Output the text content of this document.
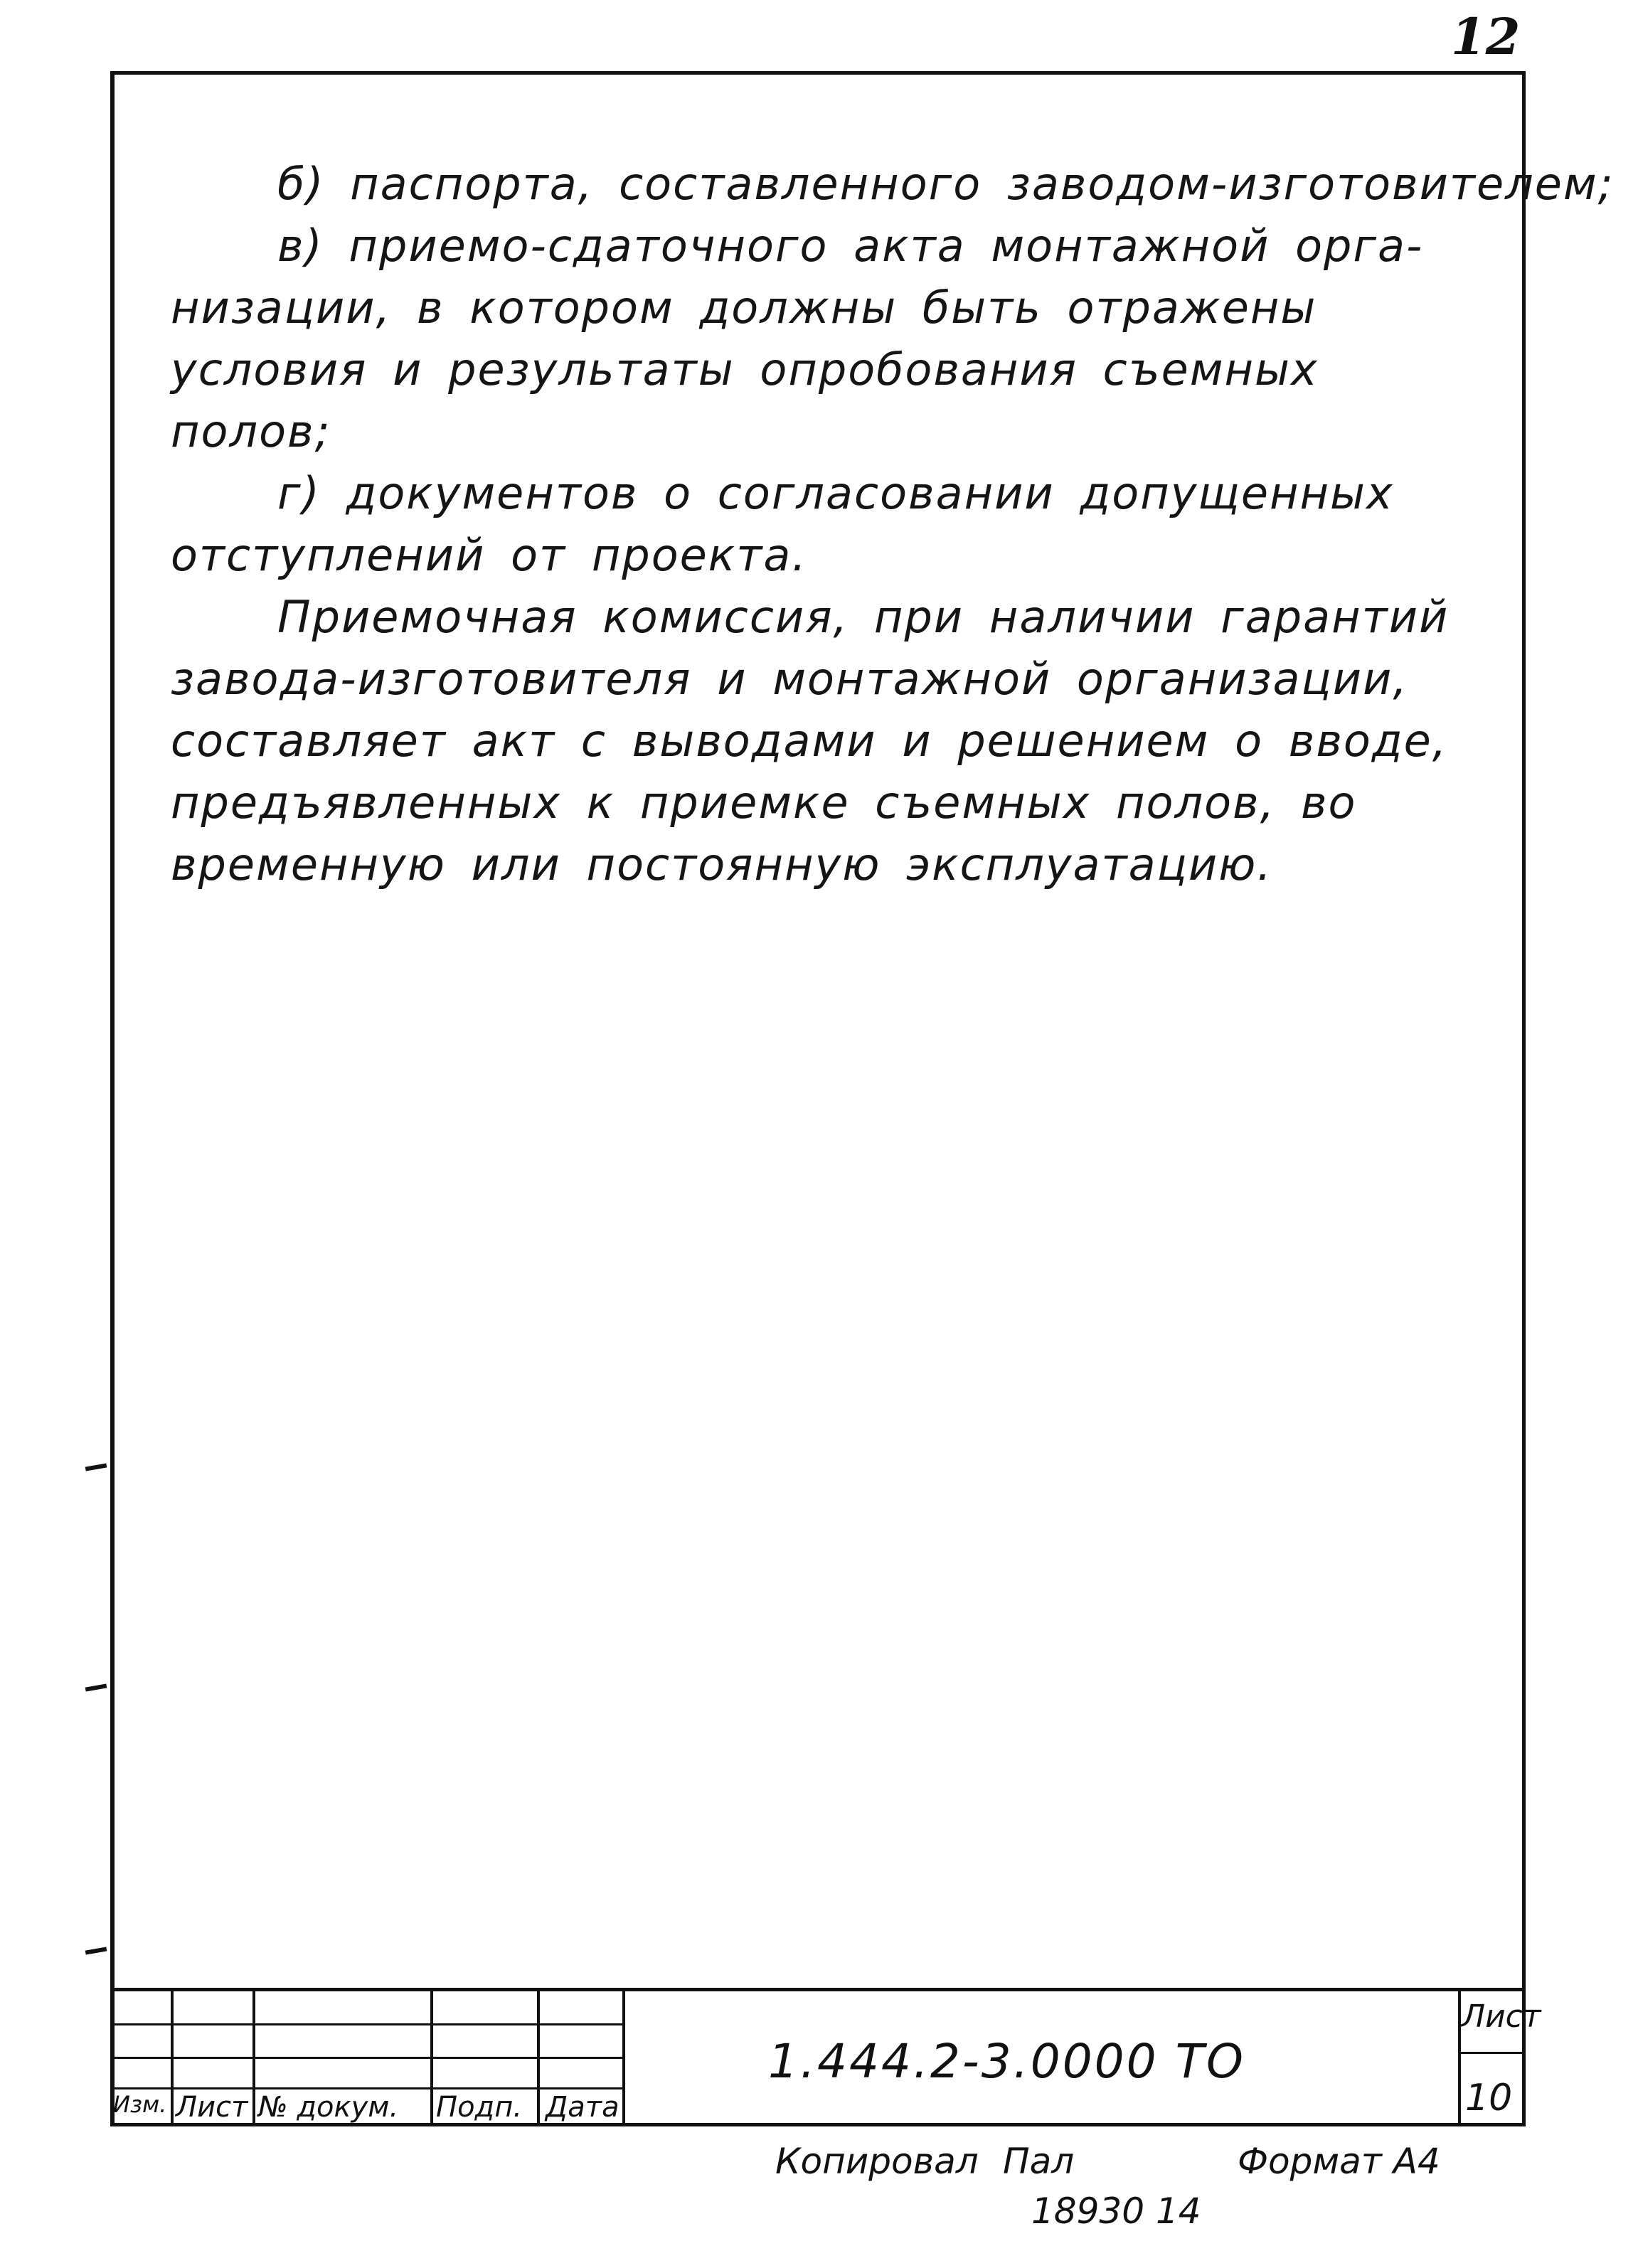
12
б) паспорта, составленного заводом-изготовителем;
в) приемо-сдаточного акта монтажной орга-
низации, в котором должны быть отражены
условия и результаты опробования съемных
полов;
г) документов о согласовании допущенных
отступлений от проекта.
Приемочная комиссия, при наличии гарантий
завода-изготовителя и монтажной организации,
составляет акт с выводами и решением о вводе,
предъявленных к приемке съемных полов, во
временную или постоянную эксплуатацию.
Изм. Лист № докум. Подп. Дата
1.444.2-3.0000 ТО
Лист
10
Копировал Пал
18930 14
Формат А4
